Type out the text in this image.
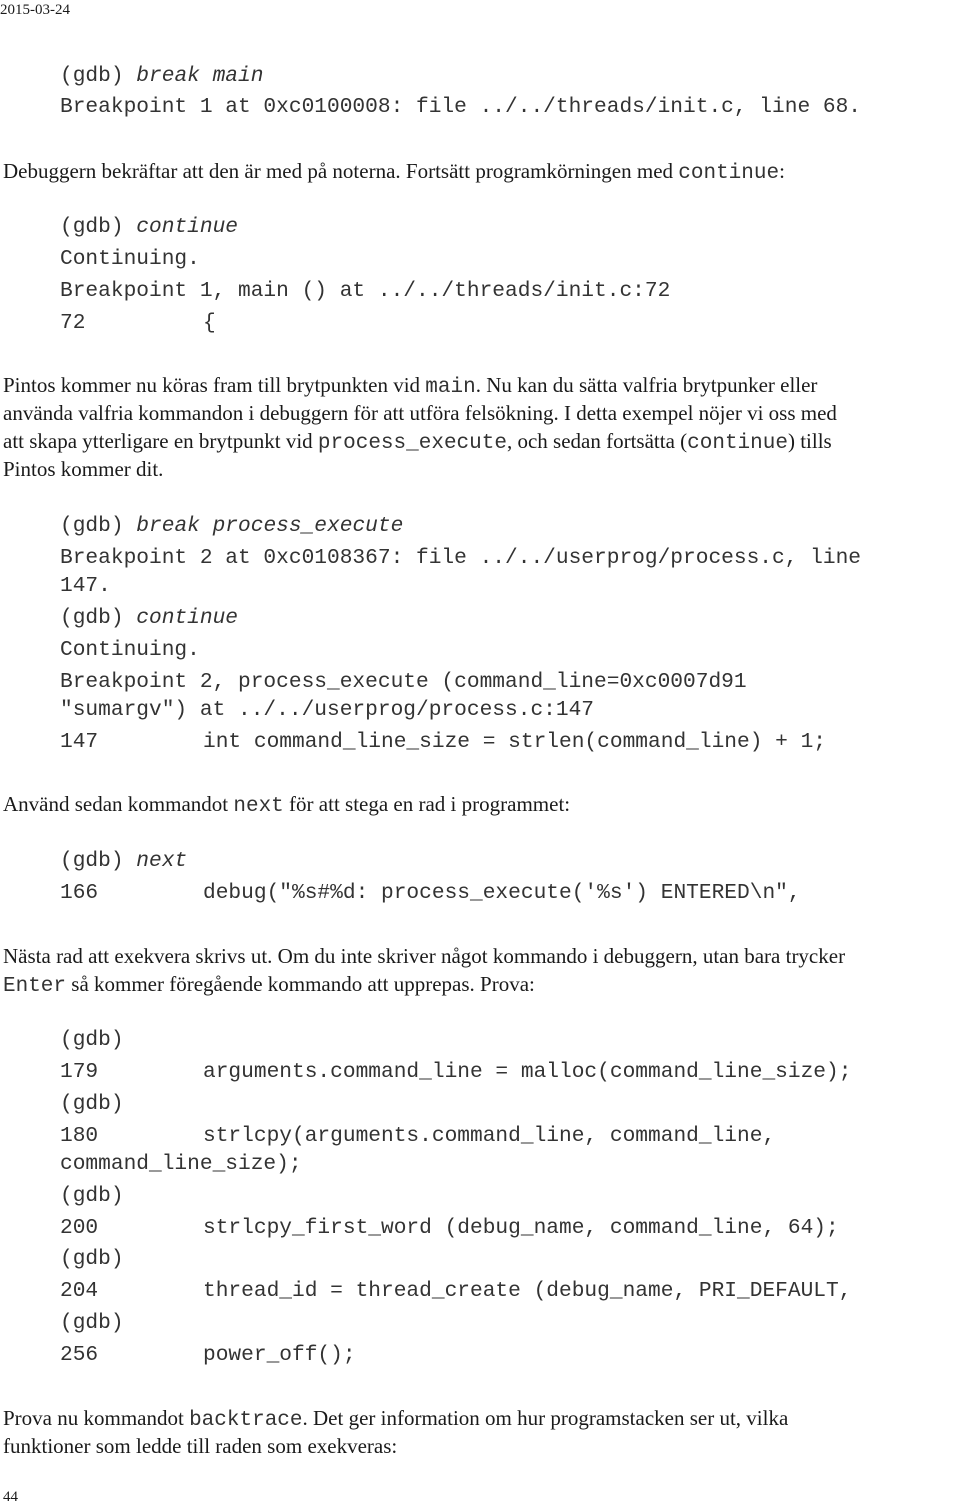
2015-03-24
(gdb) break main
Breakpoint 1 at 0xc0100008: file ../../threads/init.c, line 68.
Debuggern bekräftar att den är med på noterna. Fortsätt programkörningen med continue:
(gdb) continue
Continuing.
Breakpoint 1, main () at ../../threads/init.c:72
72	{
Pintos kommer nu köras fram till brytpunkten vid main. Nu kan du sätta valfria brytpunker eller
använda valfria kommandon i debuggern för att utföra felsökning. I detta exempel nöjer vi oss med
att skapa ytterligare en brytpunkt vid process_execute, och sedan fortsätta (continue) tills
Pintos kommer dit.
(gdb) break process_execute
Breakpoint 2 at 0xc0108367: file ../../userprog/process.c, line
147.
(gdb) continue
Continuing.
Breakpoint 2, process_execute (command_line=0xc0007d91
"sumargv") at ../../userprog/process.c:147
147	int command_line_size = strlen(command_line) + 1;
Använd sedan kommandot next för att stega en rad i programmet:
(gdb) next
166	debug("%s#%d: process_execute('%s') ENTERED\n",
Nästa rad att exekvera skrivs ut. Om du inte skriver något kommando i debuggern, utan bara trycker
Enter så kommer föregående kommando att upprepas. Prova:
(gdb)
179	arguments.command_line = malloc(command_line_size);
(gdb)
180	strlcpy(arguments.command_line, command_line,
command_line_size);
(gdb)
200	strlcpy_first_word (debug_name, command_line, 64);
(gdb)
204	thread_id = thread_create (debug_name, PRI_DEFAULT,
(gdb)
256	power_off();
Prova nu kommandot backtrace. Det ger information om hur programstacken ser ut, vilka
funktioner som ledde till raden som exekveras:
44
